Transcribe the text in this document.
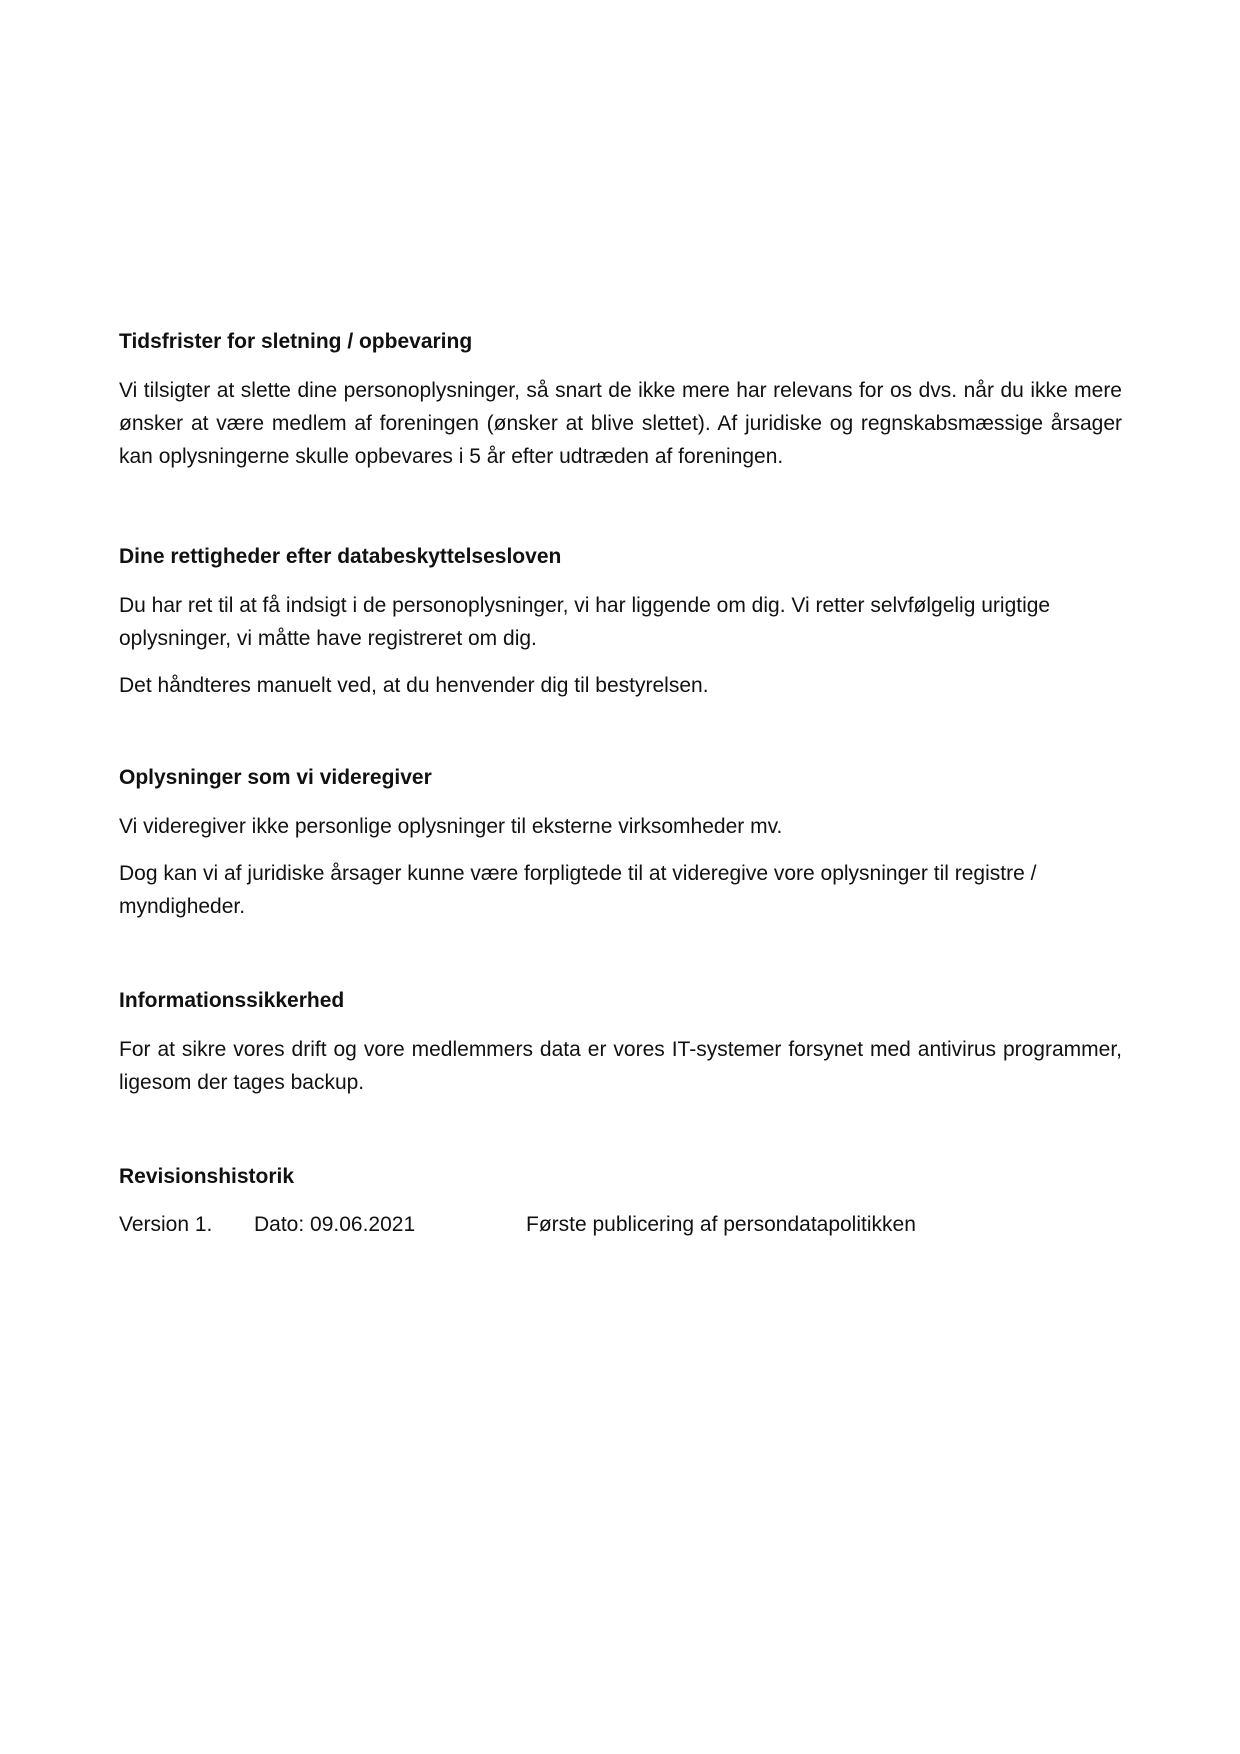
Tidsfrister for sletning / opbevaring

Vi tilsigter at slette dine personoplysninger, så snart de ikke mere har relevans for os dvs. når du ikke mere ønsker at være medlem af foreningen (ønsker at blive slettet). Af juridiske og regnskabsmæssige årsager kan oplysningerne skulle opbevares i 5 år efter udtræden af foreningen.

Dine rettigheder efter databeskyttelsesloven

Du har ret til at få indsigt i de personoplysninger, vi har liggende om dig. Vi retter selvfølgelig urigtige oplysninger, vi måtte have registreret om dig.

Det håndteres manuelt ved, at du henvender dig til bestyrelsen.

Oplysninger som vi videregiver

Vi videregiver ikke personlige oplysninger til eksterne virksomheder mv.

Dog kan vi af juridiske årsager kunne være forpligtede til at videregive vore oplysninger til registre / myndigheder.

Informationssikkerhed

For at sikre vores drift og vore medlemmers data er vores IT-systemer forsynet med antivirus programmer, ligesom der tages backup.

Revisionshistorik
Version 1.	Dato: 09.06.2021	Første publicering af persondatapolitikken
